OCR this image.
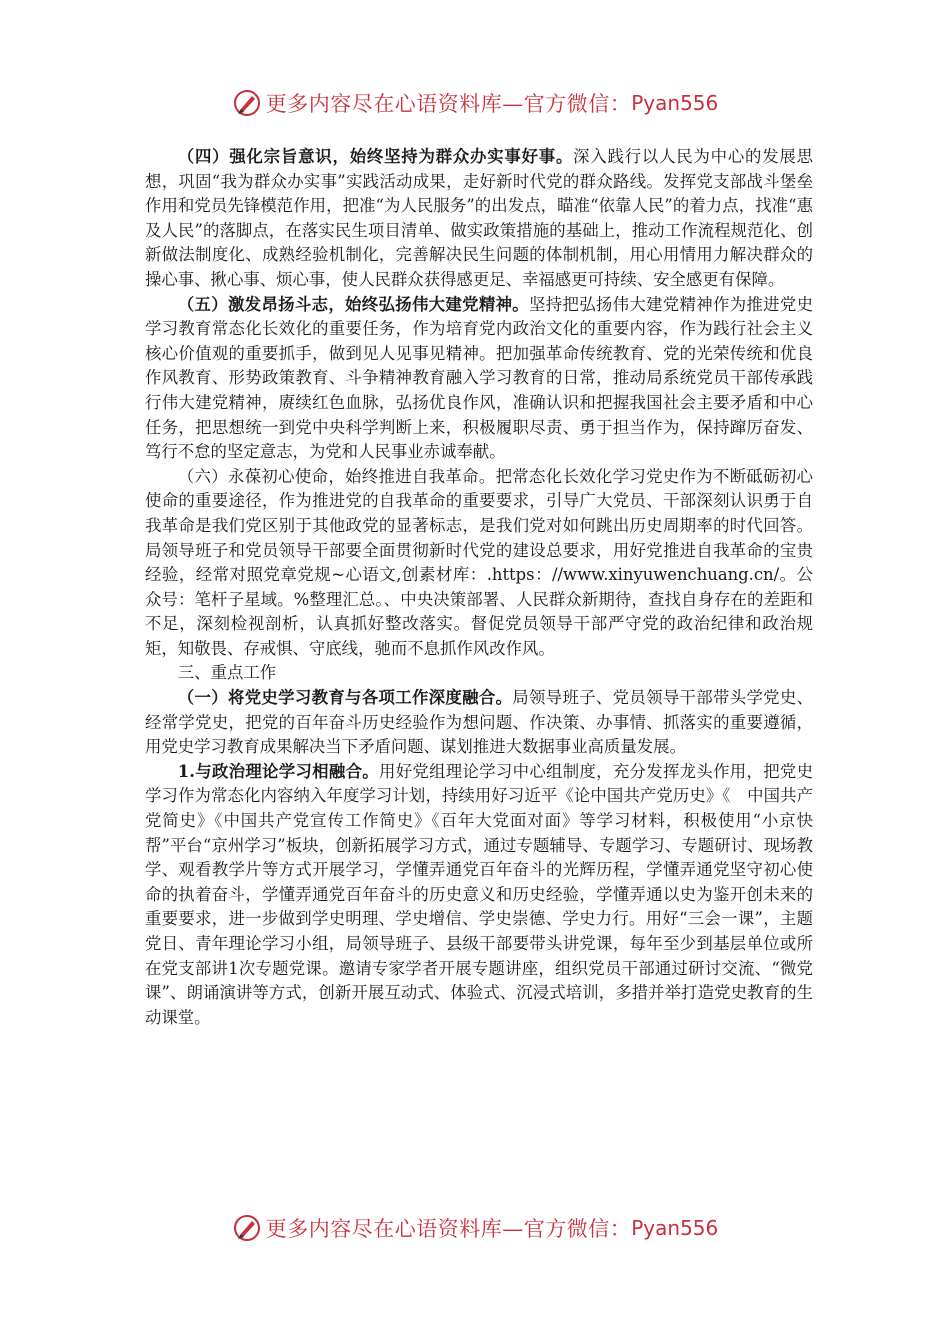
更多内容尽在心语资料库—官方微信： Pyan556

（四）强化宗旨意识，始终坚持为群众办实事好事。深入践行以人民为中心的发展思想，巩固“我为群众办实事”实践活动成果，走好新时代党的群众路线。发挥党支部战斗堡垒作用和党员先锋模范作用，把准“为人民服务”的出发点，瞄准“依靠人民”的着力点，找准“惠及人民”的落脚点，在落实民生项目清单、做实政策措施的基础上，推动工作流程规范化、创新做法制度化、成熟经验机制化，完善解决民生问题的体制机制，用心用情用力解决群众的操心事、揪心事、烦心事，使人民群众获得感更足、幸福感更可持续、安全感更有保障。

（五）激发昂扬斗志，始终弘扬伟大建党精神。坚持把弘扬伟大建党精神作为推进党史学习教育常态化长效化的重要任务，作为培育党内政治文化的重要内容，作为践行社会主义核心价值观的重要抓手，做到见人见事见精神。把加强革命传统教育、党的光荣传统和优良作风教育、形势政策教育、斗争精神教育融入学习教育的日常，推动局系统党员干部传承践行伟大建党精神，赓续红色血脉，弘扬优良作风，准确认识和把握我国社会主要矛盾和中心任务，把思想统一到党中央科学判断上来，积极履职尽责、勇于担当作为，保持蹿厉奋发、笃行不怠的坚定意志，为党和人民事业赤诚奉献。

（六）永葆初心使命，始终推进自我革命。把常态化长效化学习党史作为不断砥砺初心使命的重要途径，作为推进党的自我革命的重要要求，引导广大党员、干部深刻认识勇于自我革命是我们党区别于其他政党的显著标志，是我们党对如何跳出历史周期率的时代回答。局领导班子和党员领导干部要全面贯彻新时代党的建设总要求，用好党推进自我革命的宝贵经验，经常对照党章党规~心语文,创素材库：.https：//www.xinyuwenchuang.cn/。公众号：笔杆子星域。%整理汇总。、中央决策部署、人民群众新期待，查找自身存在的差距和不足，深刻检视剖析，认真抓好整改落实。督促党员领导干部严守党的政治纪律和政治规矩，知敬畏、存戒惧、守底线，驰而不息抓作风改作风。

三、重点工作

（一）将党史学习教育与各项工作深度融合。局领导班子、党员领导干部带头学党史、经常学党史，把党的百年奋斗历史经验作为想问题、作决策、办事情、抓落实的重要遵循，用党史学习教育成果解决当下矛盾问题、谋划推进大数据事业高质量发展。

1.与政治理论学习相融合。用好党组理论学习中心组制度，充分发挥龙头作用，把党史学习作为常态化内容纳入年度学习计划，持续用好习近平《论中国共产党历史》《　中国共产党简史》《中国共产党宣传工作简史》《百年大党面对面》等学习材料，积极使用“小京快帮”平台“京州学习”板块，创新拓展学习方式，通过专题辅导、专题学习、专题研讨、现场教学、观看教学片等方式开展学习，学懂弄通党百年奋斗的光辉历程，学懂弄通党坚守初心使命的执着奋斗，学懂弄通党百年奋斗的历史意义和历史经验，学懂弄通以史为鉴开创未来的重要要求，进一步做到学史明理、学史增信、学史崇德、学史力行。用好“三会一课”，主题党日、青年理论学习小组，局领导班子、县级干部要带头讲党课，每年至少到基层单位或所在党支部讲1次专题党课。邀请专家学者开展专题讲座，组织党员干部通过研讨交流、“微党课”、朗诵演讲等方式，创新开展互动式、体验式、沉浸式培训，多措并举打造党史教育的生动课堂。

更多内容尽在心语资料库—官方微信： Pyan556
